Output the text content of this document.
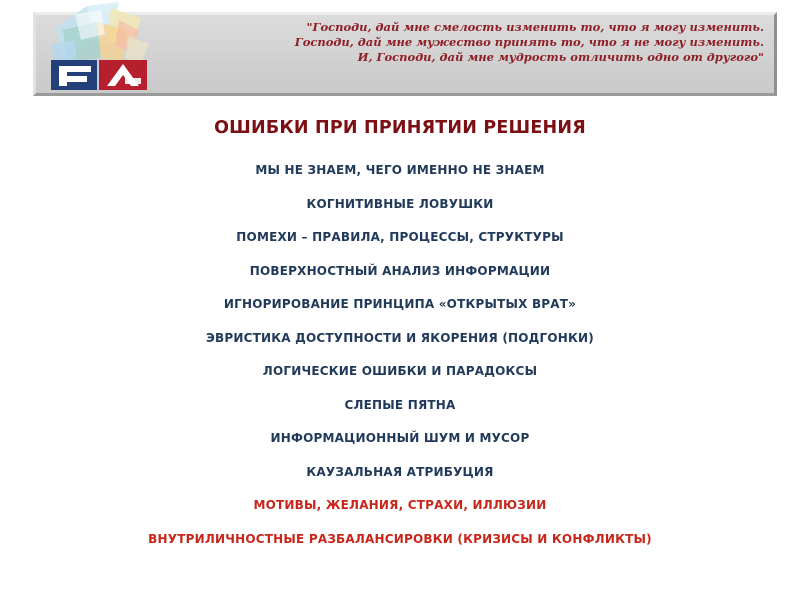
"Господи, дай мне смелость изменить то, что я могу изменить.
Господи, дай мне мужество принять то, что я не могу изменить.
И, Господи, дай мне мудрость отличить одно от другого"
ОШИБКИ ПРИ ПРИНЯТИИ РЕШЕНИЯ
МЫ НЕ ЗНАЕМ, ЧЕГО ИМЕННО НЕ ЗНАЕМ
КОГНИТИВНЫЕ ЛОВУШКИ
ПОМЕХИ – ПРАВИЛА, ПРОЦЕССЫ, СТРУКТУРЫ
ПОВЕРХНОСТНЫЙ АНАЛИЗ ИНФОРМАЦИИ
ИГНОРИРОВАНИЕ ПРИНЦИПА «ОТКРЫТЫХ ВРАТ»
ЭВРИСТИКА ДОСТУПНОСТИ И ЯКОРЕНИЯ (ПОДГОНКИ)
ЛОГИЧЕСКИЕ ОШИБКИ И ПАРАДОКСЫ
СЛЕПЫЕ ПЯТНА
ИНФОРМАЦИОННЫЙ ШУМ И МУСОР
КАУЗАЛЬНАЯ АТРИБУЦИЯ
МОТИВЫ, ЖЕЛАНИЯ, СТРАХИ, ИЛЛЮЗИИ
ВНУТРИЛИЧНОСТНЫЕ РАЗБАЛАНСИРОВКИ (КРИЗИСЫ И КОНФЛИКТЫ)
